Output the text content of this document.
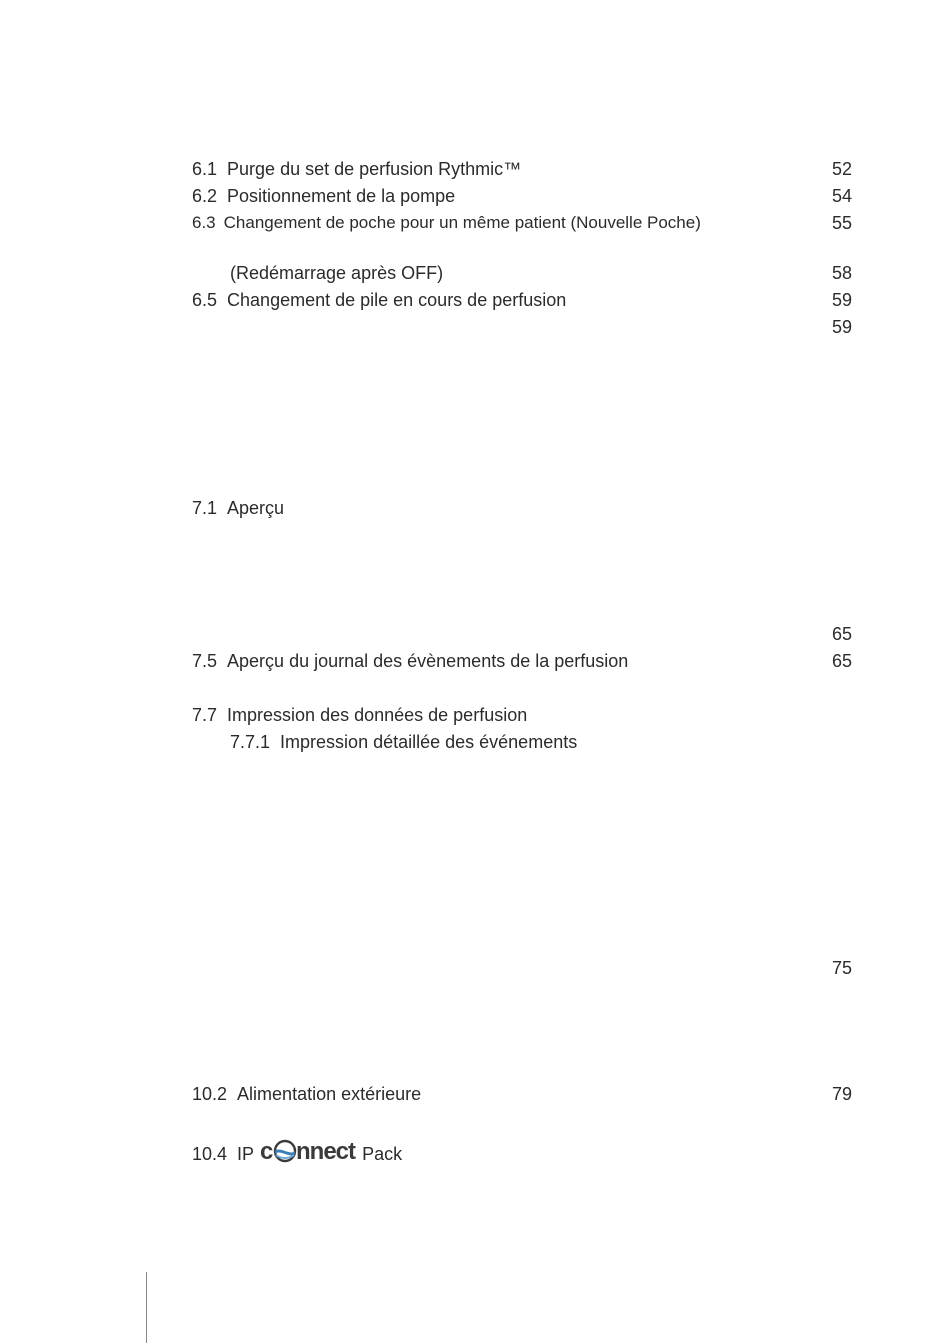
6.1 Purge du set de perfusion Rythmic™	52
6.2 Positionnement de la pompe	54
6.3 Changement de poche pour un même patient (Nouvelle Poche)	55
(Redémarrage après OFF)	58
6.5 Changement de pile en cours de perfusion	59
59
7.1 Aperçu
65
7.5 Aperçu du journal des évènements de la perfusion	65
7.7 Impression des données de perfusion
7.7.1 Impression détaillée des événements
75
10.2 Alimentation extérieure	79
10.4 IP c nnect Pack
